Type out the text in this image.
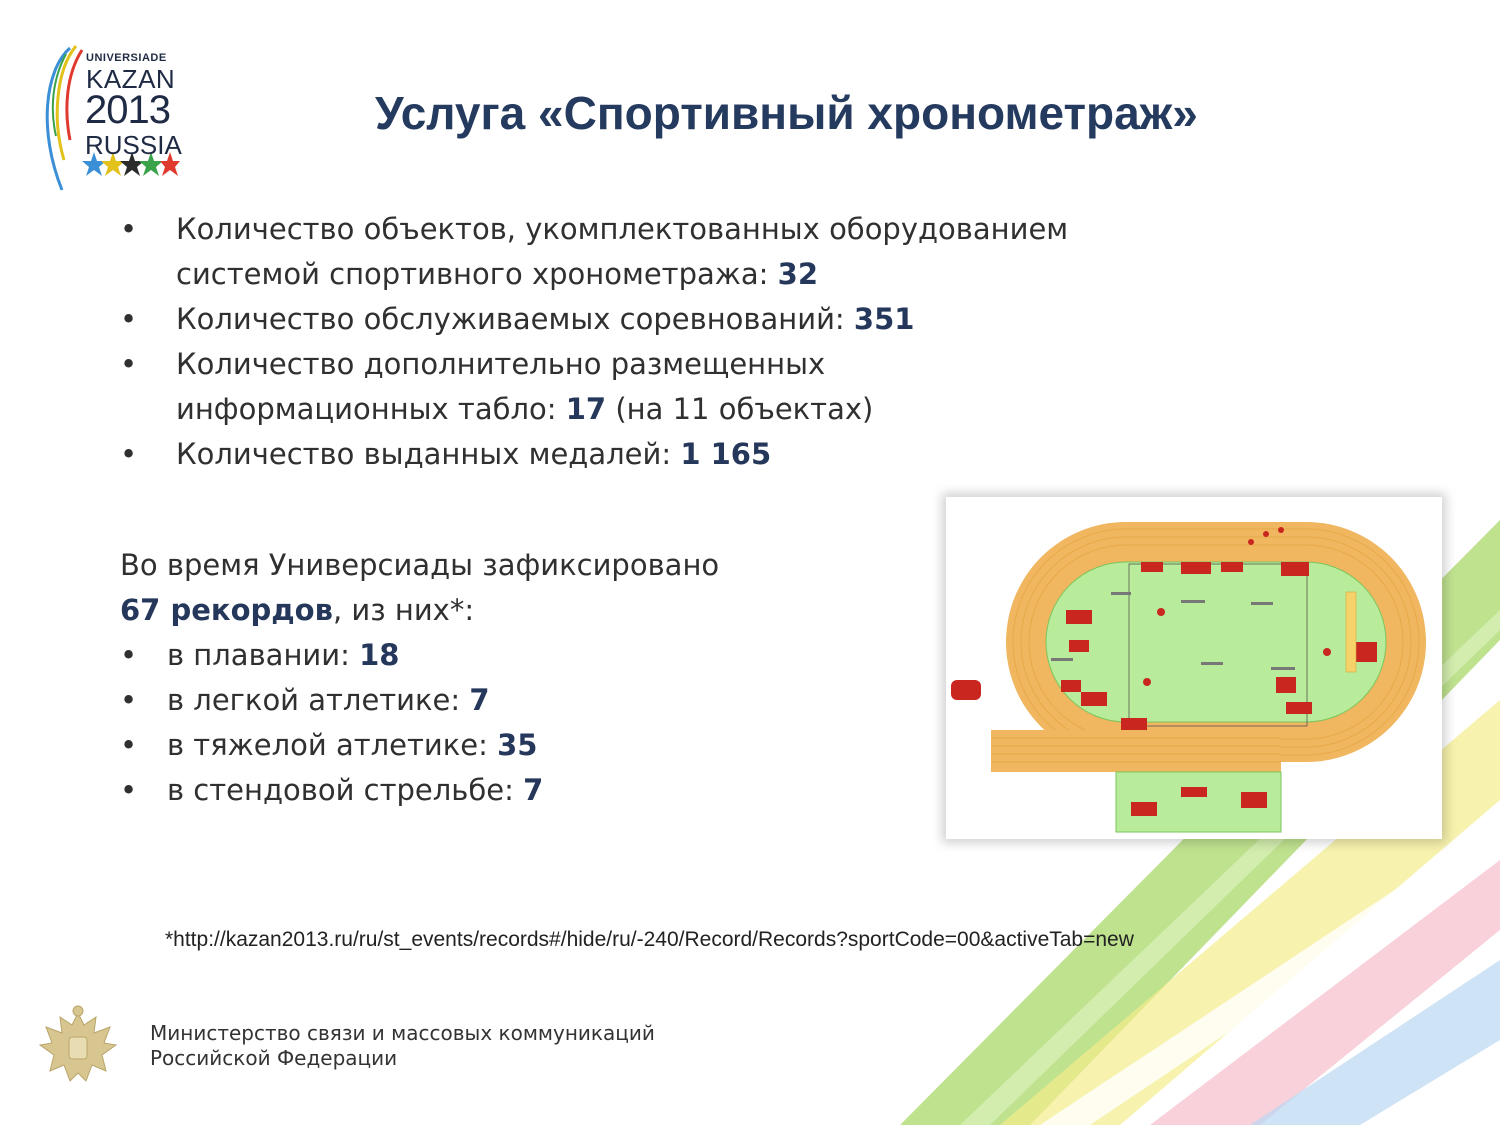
UNIVERSIADE
KAZAN
2013
RUSSIA
Услуга «Спортивный хронометраж»
• Количество объектов, укомплектованных оборудованием системой спортивного хронометража: 32
• Количество обслуживаемых соревнований: 351
• Количество дополнительно размещенных информационных табло: 17 (на 11 объектах)
• Количество выданных медалей: 1 165
Во время Универсиады зафиксировано
67 рекордов, из них*:
• в плавании: 18
• в легкой атлетике: 7
• в тяжелой атлетике: 35
• в стендовой стрельбе: 7
*http://kazan2013.ru/ru/st_events/records#/hide/ru/-240/Record/Records?sportCode=00&activeTab=new
Министерство связи и массовых коммуникаций
Российской Федерации
